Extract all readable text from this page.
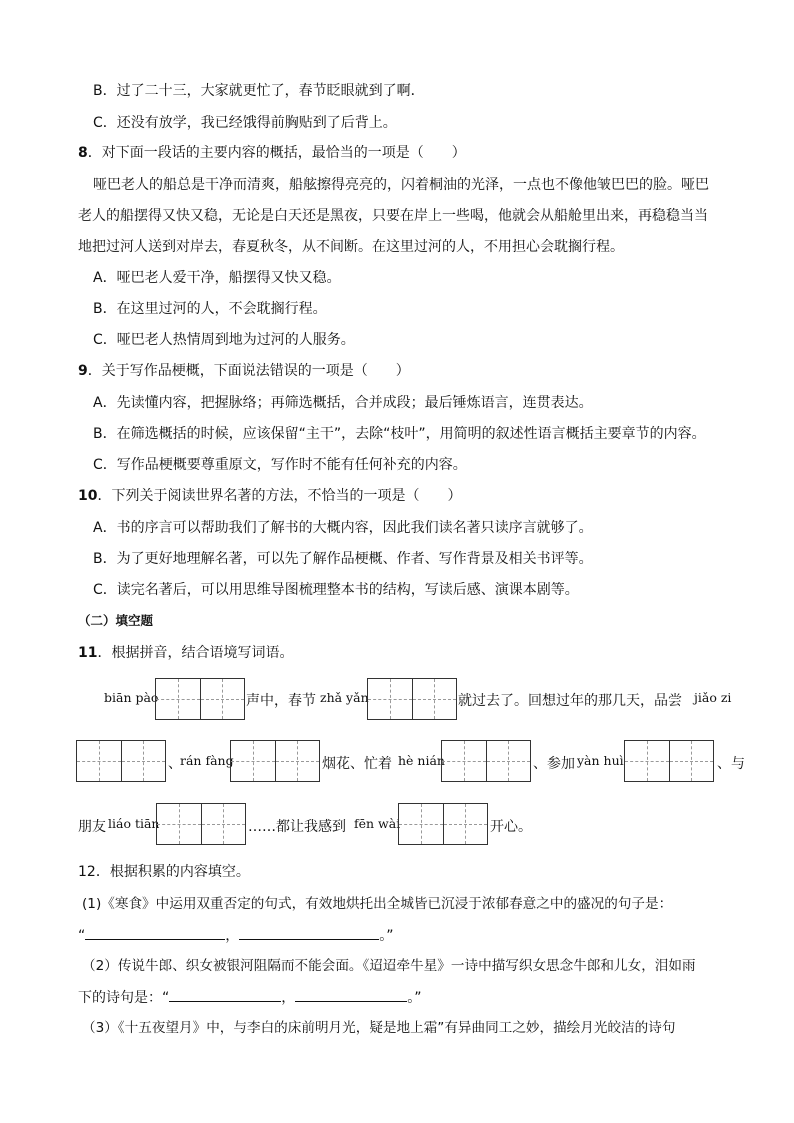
B．过了二十三，大家就更忙了，春节眨眼就到了啊．
C．还没有放学，我已经饿得前胸贴到了后背上。
8．对下面一段话的主要内容的概括，最恰当的一项是（　　）
哑巴老人的船总是干净而清爽，船舷擦得亮亮的，闪着桐油的光泽，一点也不像他皱巴巴的脸。哑巴
老人的船摆得又快又稳，无论是白天还是黑夜，只要在岸上一些喝，他就会从船舱里出来，再稳稳当当
地把过河人送到对岸去，春夏秋冬，从不间断。在这里过河的人，不用担心会耽搁行程。
A．哑巴老人爱干净，船摆得又快又稳。
B．在这里过河的人，不会耽搁行程。
C．哑巴老人热情周到地为过河的人服务。
9．关于写作品梗概，下面说法错误的一项是（　　）
A．先读懂内容，把握脉络；再筛选概括，合并成段；最后锤炼语言，连贯表达。
B．在筛选概括的时候，应该保留“主干”，去除“枝叶”，用简明的叙述性语言概括主要章节的内容。
C．写作品梗概要尊重原文，写作时不能有任何补充的内容。
10．下列关于阅读世界名著的方法，不恰当的一项是（　　）
A．书的序言可以帮助我们了解书的大概内容，因此我们读名著只读序言就够了。
B．为了更好地理解名著，可以先了解作品梗概、作者、写作背景及相关书评等。
C．读完名著后，可以用思维导图梳理整本书的结构，写读后感、演课本剧等。
（二）填空题
11．根据拼音，结合语境写词语。
biān pào	声中，春节 zhǎ yǎn	就过去了。回想过年的那几天，品尝 jiǎo zi
、
rán fàng	烟花、忙着 hè nián	、参加 yàn huì	、与
朋友 liáo tiān	……都让我感到 fēn wài	开心。
12．根据积累的内容填空。
(1)《寒食》中运用双重否定的句式，有效地烘托出全城皆已沉浸于浓郁春意之中的盛况的句子是：
“	，	。”
（2）传说牛郎、织女被银河阻隔而不能会面。《迢迢牵牛星》一诗中描写织女思念牛郎和儿女，泪如雨
下的诗句是：“	，	。”
（3）《十五夜望月》中，与李白的床前明月光，疑是地上霜”有异曲同工之妙，描绘月光皎洁的诗句
